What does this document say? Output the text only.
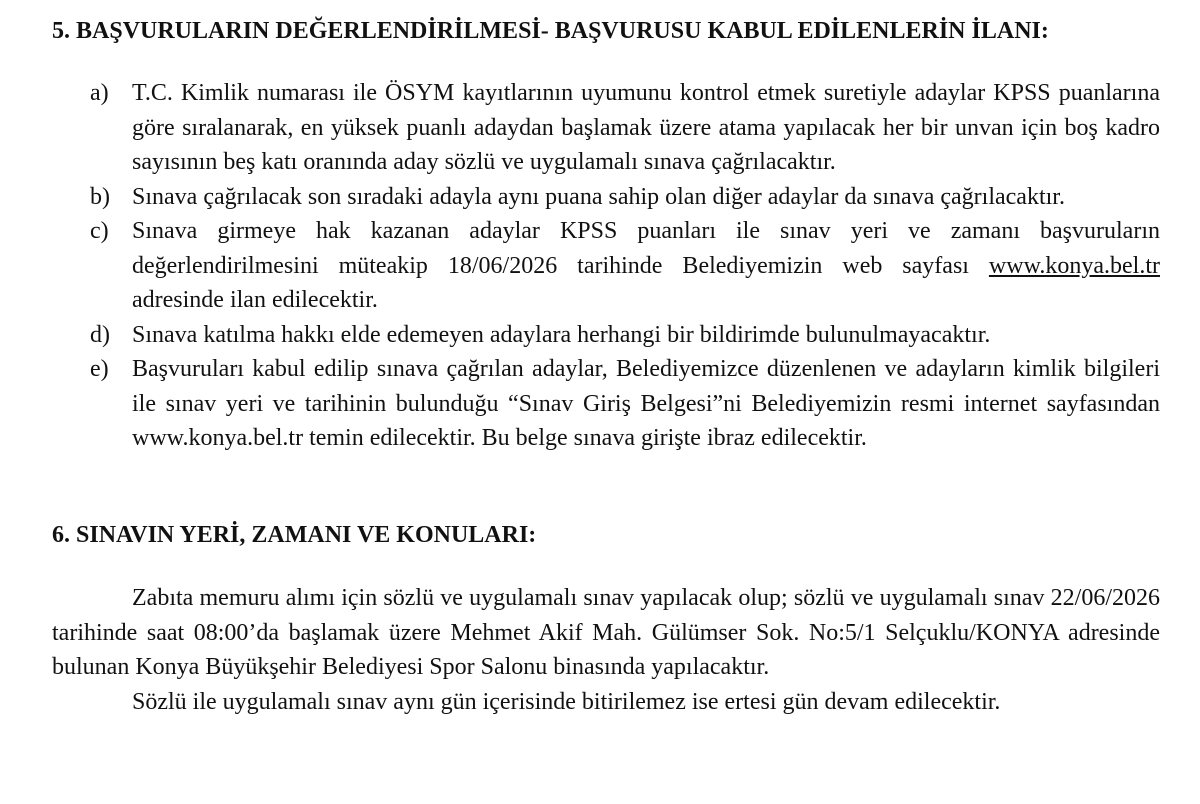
5. BAŞVURULARIN DEĞERLENDİRİLMESİ- BAŞVURUSU KABUL EDİLENLERİN İLANI:
a) T.C. Kimlik numarası ile ÖSYM kayıtlarının uyumunu kontrol etmek suretiyle adaylar KPSS puanlarına göre sıralanarak, en yüksek puanlı adaydan başlamak üzere atama yapılacak her bir unvan için boş kadro sayısının beş katı oranında aday sözlü ve uygulamalı sınava çağrılacaktır.
b) Sınava çağrılacak son sıradaki adayla aynı puana sahip olan diğer adaylar da sınava çağrılacaktır.
c) Sınava girmeye hak kazanan adaylar KPSS puanları ile sınav yeri ve zamanı başvuruların değerlendirilmesini müteakip 18/06/2026 tarihinde Belediyemizin web sayfası www.konya.bel.tr adresinde ilan edilecektir.
d) Sınava katılma hakkı elde edemeyen adaylara herhangi bir bildirimde bulunulmayacaktır.
e) Başvuruları kabul edilip sınava çağrılan adaylar, Belediyemizce düzenlenen ve adayların kimlik bilgileri ile sınav yeri ve tarihinin bulunduğu “Sınav Giriş Belgesi”ni Belediyemizin resmi internet sayfasından www.konya.bel.tr temin edilecektir. Bu belge sınava girişte ibraz edilecektir.
6. SINAVIN YERİ, ZAMANI VE KONULARI:

Zabıta memuru alımı için sözlü ve uygulamalı sınav yapılacak olup; sözlü ve uygulamalı sınav 22/06/2026 tarihinde saat 08:00’da başlamak üzere Mehmet Akif Mah. Gülümser Sok. No:5/1 Selçuklu/KONYA adresinde bulunan Konya Büyükşehir Belediyesi Spor Salonu binasında yapılacaktır.

Sözlü ile uygulamalı sınav aynı gün içerisinde bitirilemez ise ertesi gün devam edilecektir.
